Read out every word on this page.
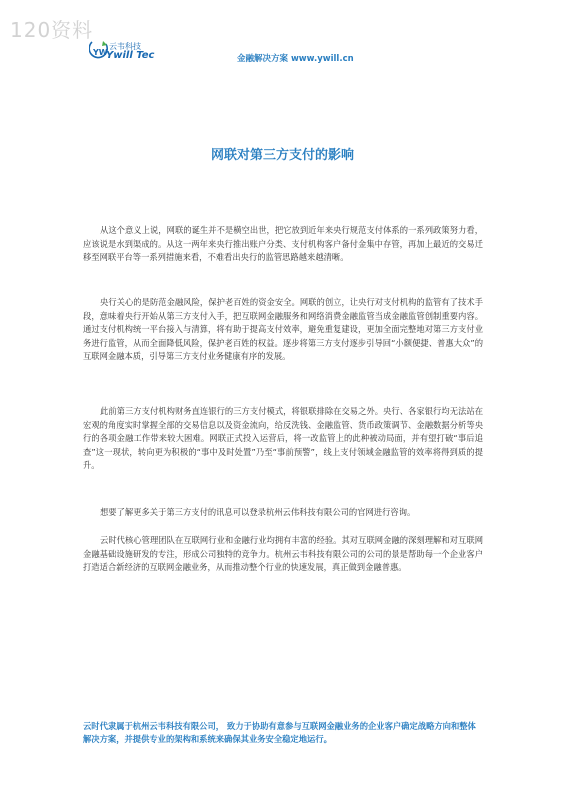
120资料
YW
云韦科技
Ywill Tec	金融解决方案 www.ywill.cn
网联对第三方支付的影响

从这个意义上说，网联的诞生并不是横空出世，把它放到近年来央行规范支付体系的一系列政策努力看，应该说是水到渠成的。从这一两年来央行推出账户分类、支付机构客户备付金集中存管，再加上最近的交易迁移至网联平台等一系列措施来看，不难看出央行的监管思路越来越清晰。

央行关心的是防范金融风险，保护老百姓的资金安全。网联的创立，让央行对支付机构的监管有了技术手段，意味着央行开始从第三方支付入手，把互联网金融服务和网络消费金融监管当成金融监管创制重要内容。通过支付机构统一平台接入与清算，将有助于提高支付效率，避免重复建设，更加全面完整地对第三方支付业务进行监管，从而全面降低风险，保护老百姓的权益。逐步将第三方支付逐步引导回“小额便捷、普惠大众”的互联网金融本质，引导第三方支付业务健康有序的发展。

此前第三方支付机构财务直连银行的三方支付模式，将银联排除在交易之外。央行、各家银行均无法站在宏观的角度实时掌握全部的交易信息以及资金流向，给反洗钱、金融监管、货币政策调节、金融数据分析等央行的各项金融工作带来较大困难。网联正式投入运营后，将一改监管上的此种被动局面，并有望打破“事后追查”这一现状，转向更为积极的“事中及时处置”乃至“事前预警”，线上支付领域金融监管的效率将得到质的提升。

想要了解更多关于第三方支付的讯息可以登录杭州云伟科技有限公司的官网进行咨询。

云时代核心管理团队在互联网行业和金融行业均拥有丰富的经验。其对互联网金融的深刻理解和对互联网金融基础设施研发的专注，形成公司独特的竞争力。杭州云韦科技有限公司的公司的景是帮助每一个企业客户打造适合新经济的互联网金融业务，从而推动整个行业的快速发展，真正做到金融普惠。

云时代隶属于杭州云韦科技有限公司， 致力于协助有意参与互联网金融业务的企业客户确定战略方向和整体解决方案，并提供专业的架构和系统来确保其业务安全稳定地运行。
